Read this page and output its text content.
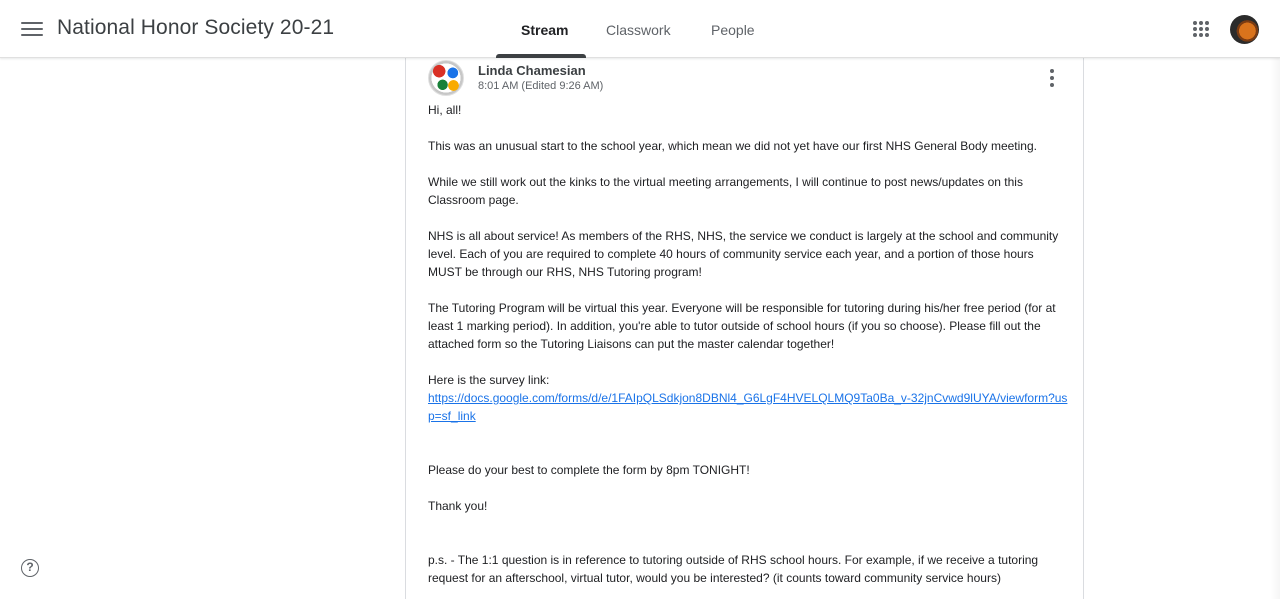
National Honor Society 20-21	Stream	Classwork	People
Linda Chamesian
8:01 AM (Edited 9:26 AM)

Hi, all!

This was an unusual start to the school year, which mean we did not yet have our first NHS General Body meeting.

While we still work out the kinks to the virtual meeting arrangements, I will continue to post news/updates on this Classroom page.

NHS is all about service! As members of the RHS, NHS, the service we conduct is largely at the school and community level. Each of you are required to complete 40 hours of community service each year, and a portion of those hours MUST be through our RHS, NHS Tutoring program!

The Tutoring Program will be virtual this year. Everyone will be responsible for tutoring during his/her free period (for at least 1 marking period). In addition, you're able to tutor outside of school hours (if you so choose). Please fill out the attached form so the Tutoring Liaisons can put the master calendar together!

Here is the survey link:

https://docs.google.com/forms/d/e/1FAIpQLSdkjon8DBNl4_G6LgF4HVELQLMQ9Ta0Ba_v-32jnCvwd9lUYA/viewform?usp=sf_link

Please do your best to complete the form by 8pm TONIGHT!

Thank you!

p.s. - The 1:1 question is in reference to tutoring outside of RHS school hours. For example, if we receive a tutoring request for an afterschool, virtual tutor, would you be interested? (it counts toward community service hours)

?
